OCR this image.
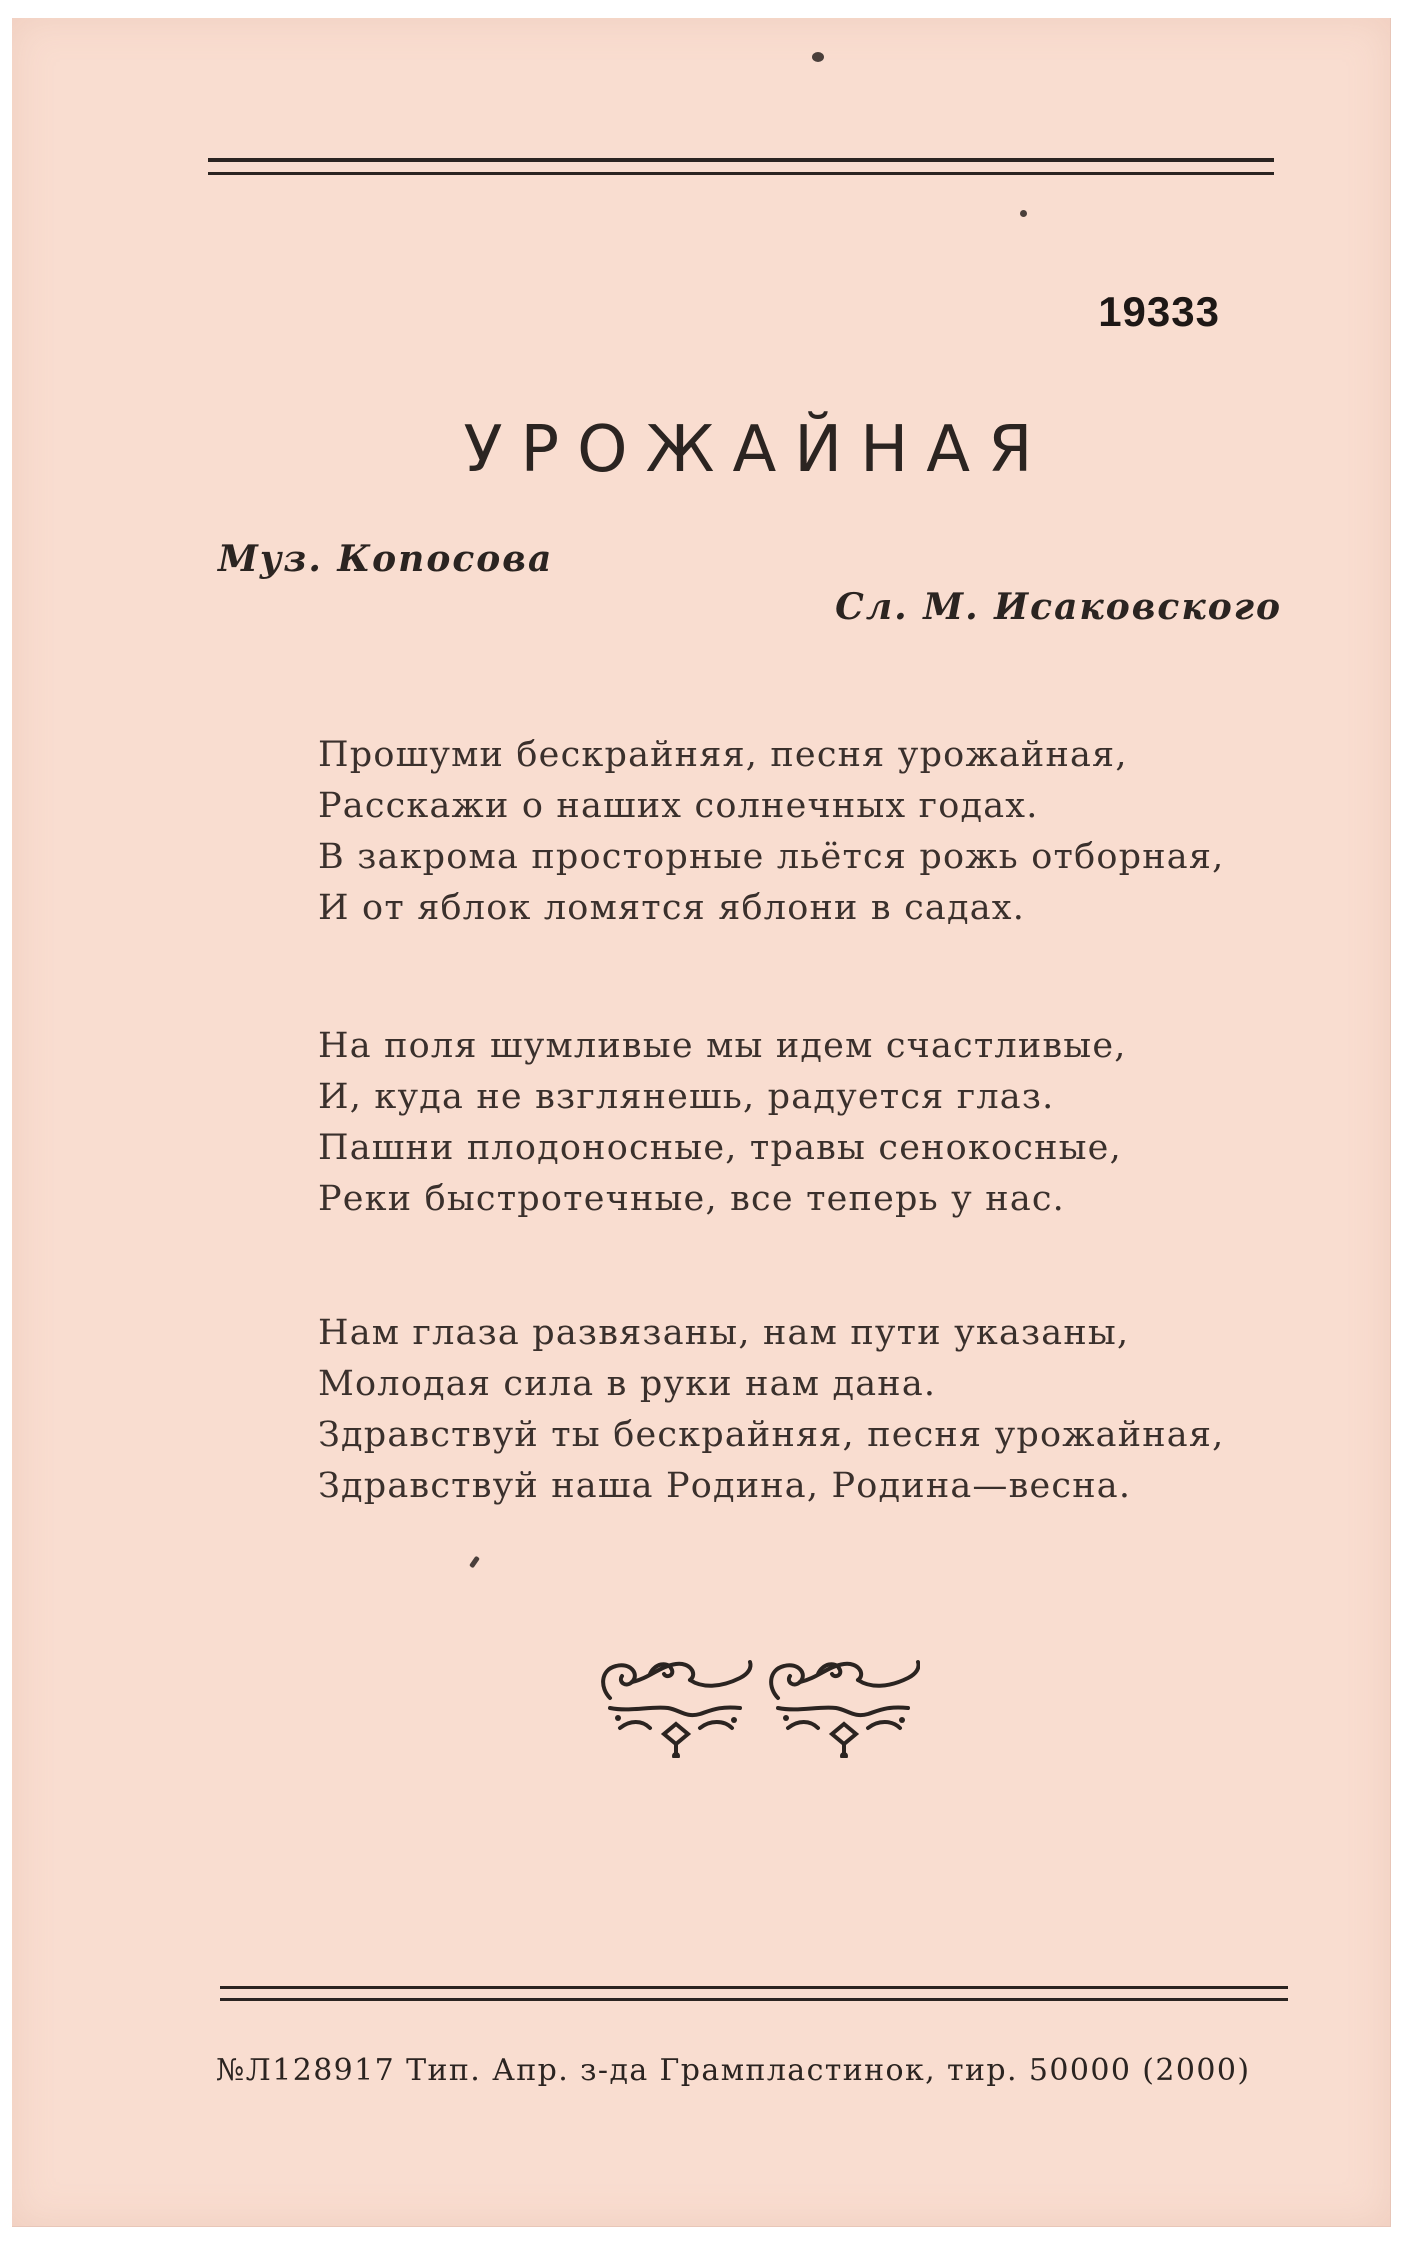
19333
УРОЖАЙНАЯ
Муз. Копосова
Сл. М. Исаковского
Прошуми бескрайняя, песня урожайная,
Расскажи о наших солнечных годах.
В закрома просторные льётся рожь отборная,
И от яблок ломятся яблони в садах.
На поля шумливые мы идем счастливые,
И, куда не взглянешь, радуется глаз.
Пашни плодоносные, травы сенокосные,
Реки быстротечные, все теперь у нас.
Нам глаза развязаны, нам пути указаны,
Молодая сила в руки нам дана.
Здравствуй ты бескрайняя, песня урожайная,
Здравствуй наша Родина, Родина—весна.
№Л128917 Тип. Апр. з-да Грампластинок, тир. 50000 (2000)
